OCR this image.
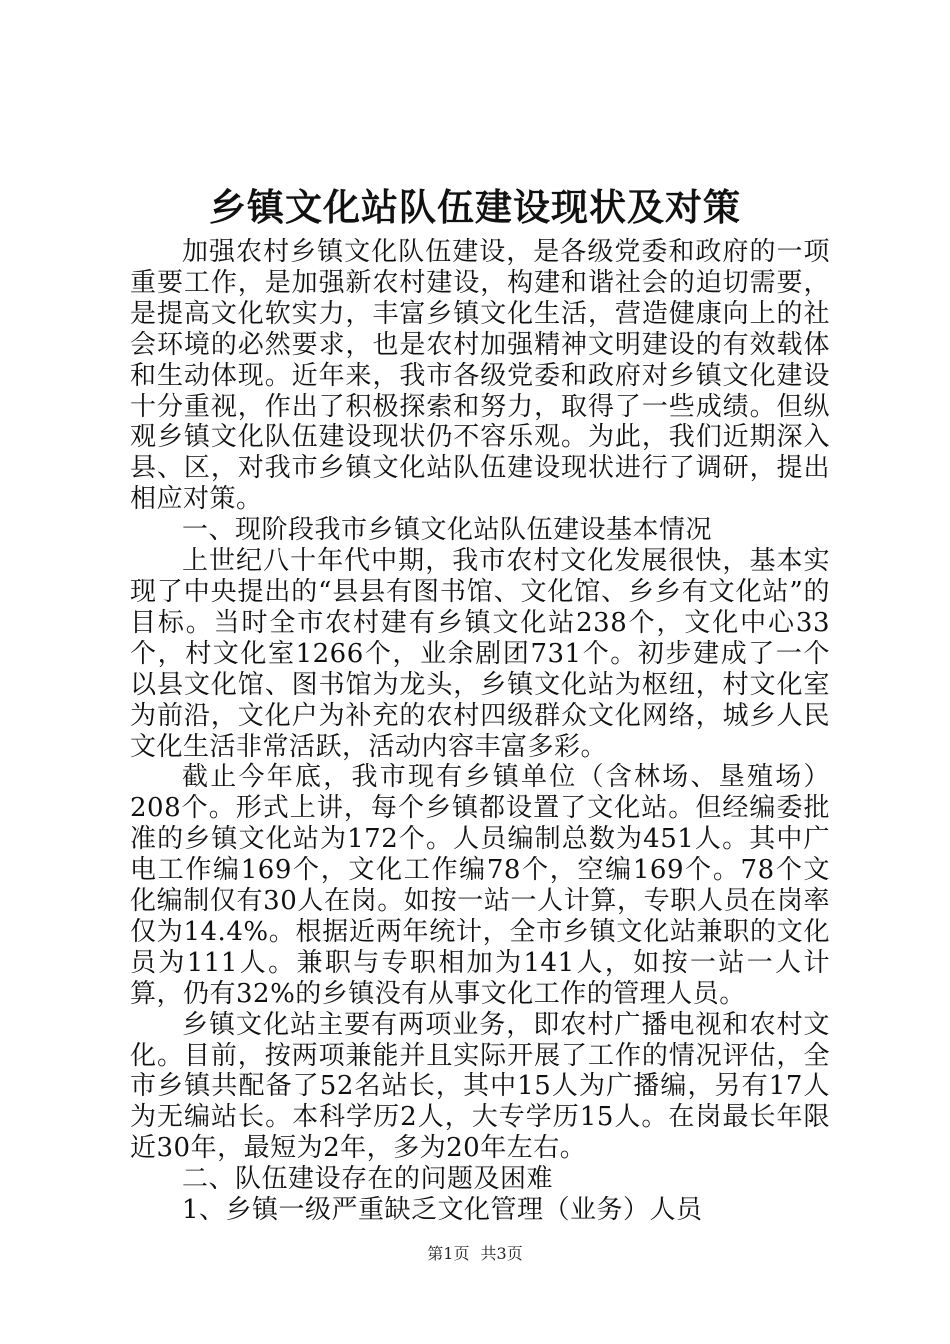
乡镇文化站队伍建设现状及对策

加强农村乡镇文化队伍建设，是各级党委和政府的一项重要工作，是加强新农村建设，构建和谐社会的迫切需要，是提高文化软实力，丰富乡镇文化生活，营造健康向上的社会环境的必然要求，也是农村加强精神文明建设的有效载体和生动体现。近年来，我市各级党委和政府对乡镇文化建设十分重视，作出了积极探索和努力，取得了一些成绩。但纵观乡镇文化队伍建设现状仍不容乐观。为此，我们近期深入县、区，对我市乡镇文化站队伍建设现状进行了调研，提出相应对策。

一、现阶段我市乡镇文化站队伍建设基本情况

上世纪八十年代中期，我市农村文化发展很快，基本实现了中央提出的“县县有图书馆、文化馆、乡乡有文化站”的目标。当时全市农村建有乡镇文化站238个，文化中心33个，村文化室1266个，业余剧团731个。初步建成了一个以县文化馆、图书馆为龙头，乡镇文化站为枢纽，村文化室为前沿，文化户为补充的农村四级群众文化网络，城乡人民文化生活非常活跃，活动内容丰富多彩。

截止今年底，我市现有乡镇单位（含林场、垦殖场）208个。形式上讲，每个乡镇都设置了文化站。但经编委批准的乡镇文化站为172个。人员编制总数为451人。其中广电工作编169个，文化工作编78个，空编169个。78个文化编制仅有30人在岗。如按一站一人计算，专职人员在岗率仅为14.4%。根据近两年统计，全市乡镇文化站兼职的文化员为111人。兼职与专职相加为141人，如按一站一人计算，仍有32%的乡镇没有从事文化工作的管理人员。

乡镇文化站主要有两项业务，即农村广播电视和农村文化。目前，按两项兼能并且实际开展了工作的情况评估，全市乡镇共配备了52名站长，其中15人为广播编，另有17人为无编站长。本科学历2人，大专学历15人。在岗最长年限近30年，最短为2年，多为20年左右。

二、队伍建设存在的问题及困难

1、乡镇一级严重缺乏文化管理（业务）人员

第1页 共3页
